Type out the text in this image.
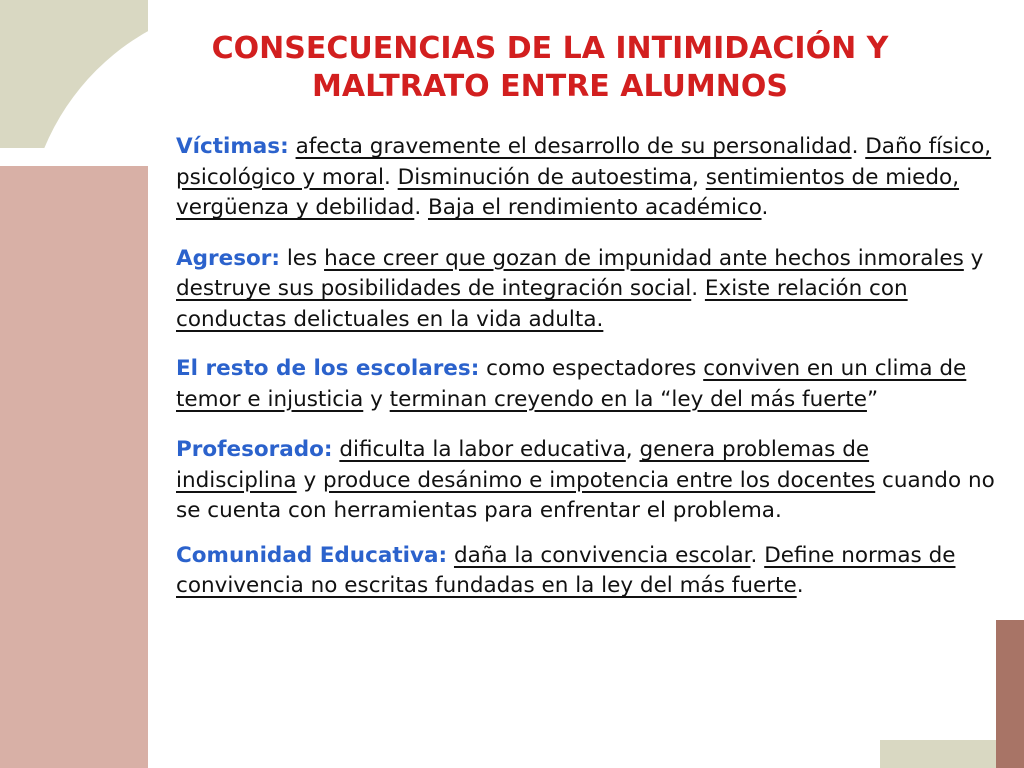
CONSECUENCIAS DE LA INTIMIDACIÓN Y
MALTRATO ENTRE ALUMNOS

Víctimas: afecta gravemente el desarrollo de su personalidad. Daño físico, psicológico y moral. Disminución de autoestima, sentimientos de miedo, vergüenza y debilidad. Baja el rendimiento académico.

Agresor: les hace creer que gozan de impunidad ante hechos inmorales y destruye sus posibilidades de integración social. Existe relación con conductas delictuales en la vida adulta.

El resto de los escolares: como espectadores conviven en un clima de temor e injusticia y terminan creyendo en la “ley del más fuerte”

Profesorado: dificulta la labor educativa, genera problemas de indisciplina y produce desánimo e impotencia entre los docentes cuando no se cuenta con herramientas para enfrentar el problema.

Comunidad Educativa: daña la convivencia escolar. Define normas de convivencia no escritas fundadas en la ley del más fuerte.
